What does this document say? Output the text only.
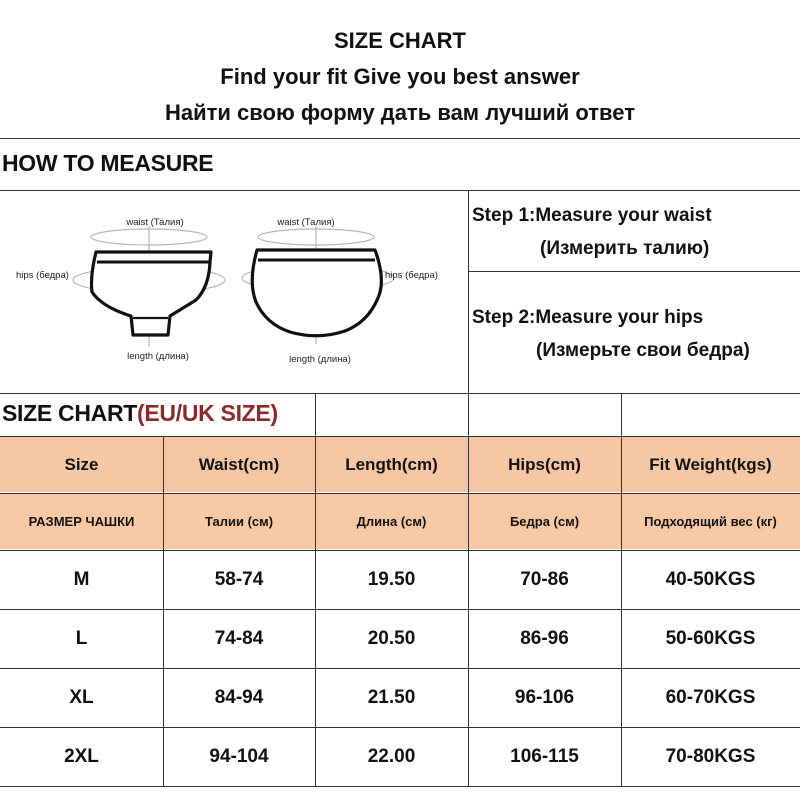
SIZE CHART
Find your fit Give you best answer
Найти свою форму дать вам лучший ответ
HOW TO MEASURE
waist (Талия)
hips (бедра)
length (длина)
waist (Талия)
hips (бедра)
length (длина)
Step 1:Measure your waist
(Измерить талию)
Step 2:Measure your hips
(Измерьте свои бедра)
SIZE CHART(EU/UK SIZE)
Size	Waist(cm)	Length(cm)	Hips(cm)	Fit Weight(kgs)
РАЗМЕР ЧАШКИ	Талии (см)	Длина (см)	Бедра (см)	Подходящий вес (кг)
M	58-74	19.50	70-86	40-50KGS
L	74-84	20.50	86-96	50-60KGS
XL	84-94	21.50	96-106	60-70KGS
2XL	94-104	22.00	106-115	70-80KGS
